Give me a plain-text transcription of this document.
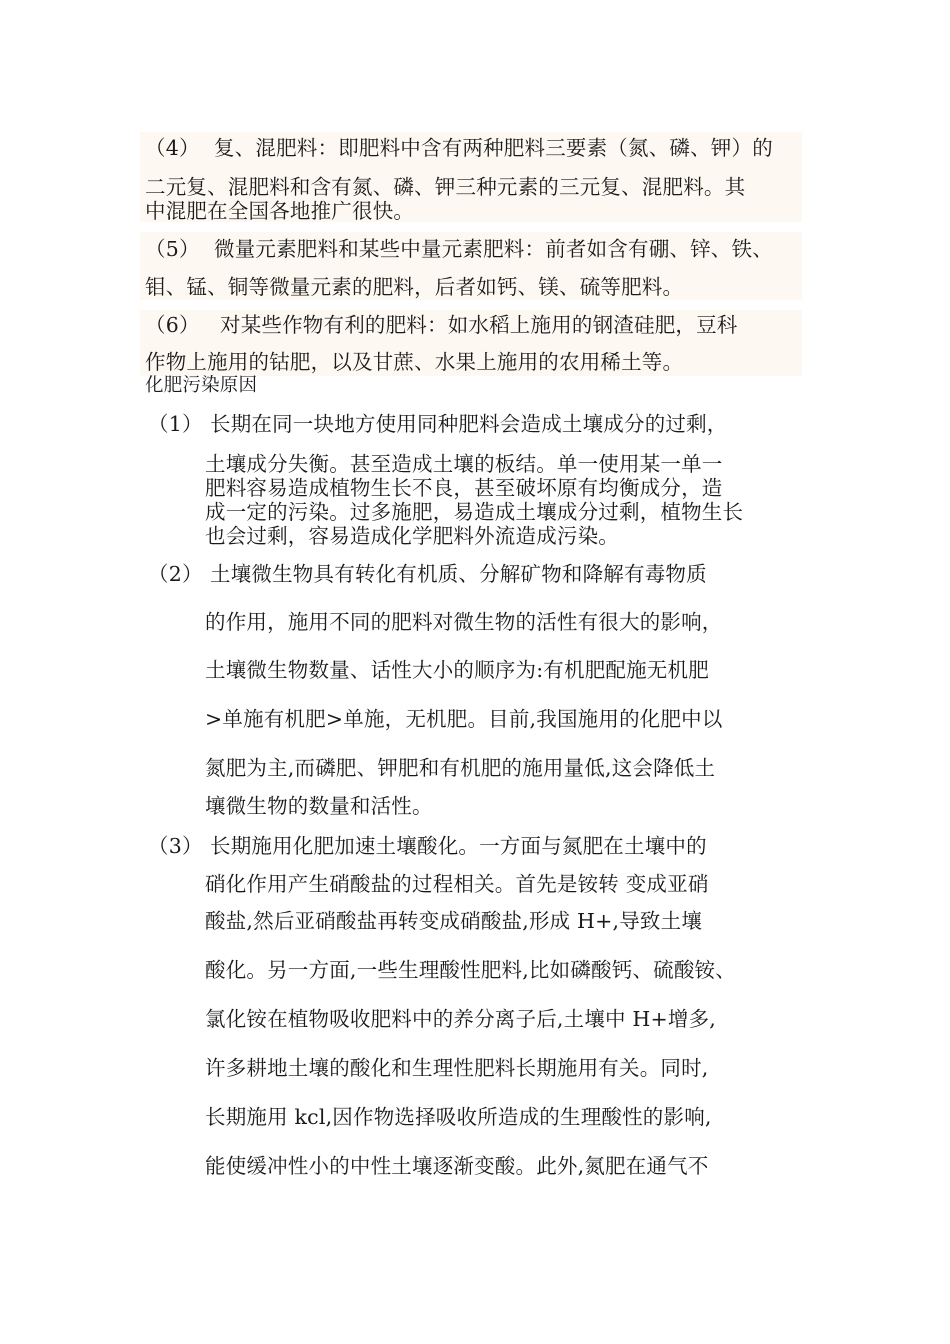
（4） 复、混肥料：即肥料中含有两种肥料三要素（氮、磷、钾）的
二元复、混肥料和含有氮、磷、钾三种元素的三元复、混肥料。其
中混肥在全国各地推广很快。
（5） 微量元素肥料和某些中量元素肥料：前者如含有硼、锌、铁、
钼、锰、铜等微量元素的肥料，后者如钙、镁、硫等肥料。
（6） 对某些作物有利的肥料：如水稻上施用的钢渣硅肥，豆科
作物上施用的钴肥，以及甘蔗、水果上施用的农用稀土等。
化肥污染原因
（1） 长期在同一块地方使用同种肥料会造成土壤成分的过剩，
土壤成分失衡。甚至造成土壤的板结。单一使用某一单一
肥料容易造成植物生长不良，甚至破坏原有均衡成分，造
成一定的污染。过多施肥，易造成土壤成分过剩，植物生长
也会过剩，容易造成化学肥料外流造成污染。
（2） 土壤微生物具有转化有机质、分解矿物和降解有毒物质
的作用，施用不同的肥料对微生物的活性有很大的影响，
土壤微生物数量、话性大小的顺序为:有机肥配施无机肥
>单施有机肥>单施，无机肥。目前,我国施用的化肥中以
氮肥为主,而磷肥、钾肥和有机肥的施用量低,这会降低土
壤微生物的数量和活性。
（3） 长期施用化肥加速土壤酸化。一方面与氮肥在土壤中的
硝化作用产生硝酸盐的过程相关。首先是铵转 变成亚硝
酸盐,然后亚硝酸盐再转变成硝酸盐,形成 H+,导致土壤
酸化。另一方面,一些生理酸性肥料,比如磷酸钙、硫酸铵、
氯化铵在植物吸收肥料中的养分离子后,土壤中 H+增多,
许多耕地土壤的酸化和生理性肥料长期施用有关。同时,
长期施用 kcl,因作物选择吸收所造成的生理酸性的影响,
能使缓冲性小的中性土壤逐渐变酸。此外,氮肥在通气不
